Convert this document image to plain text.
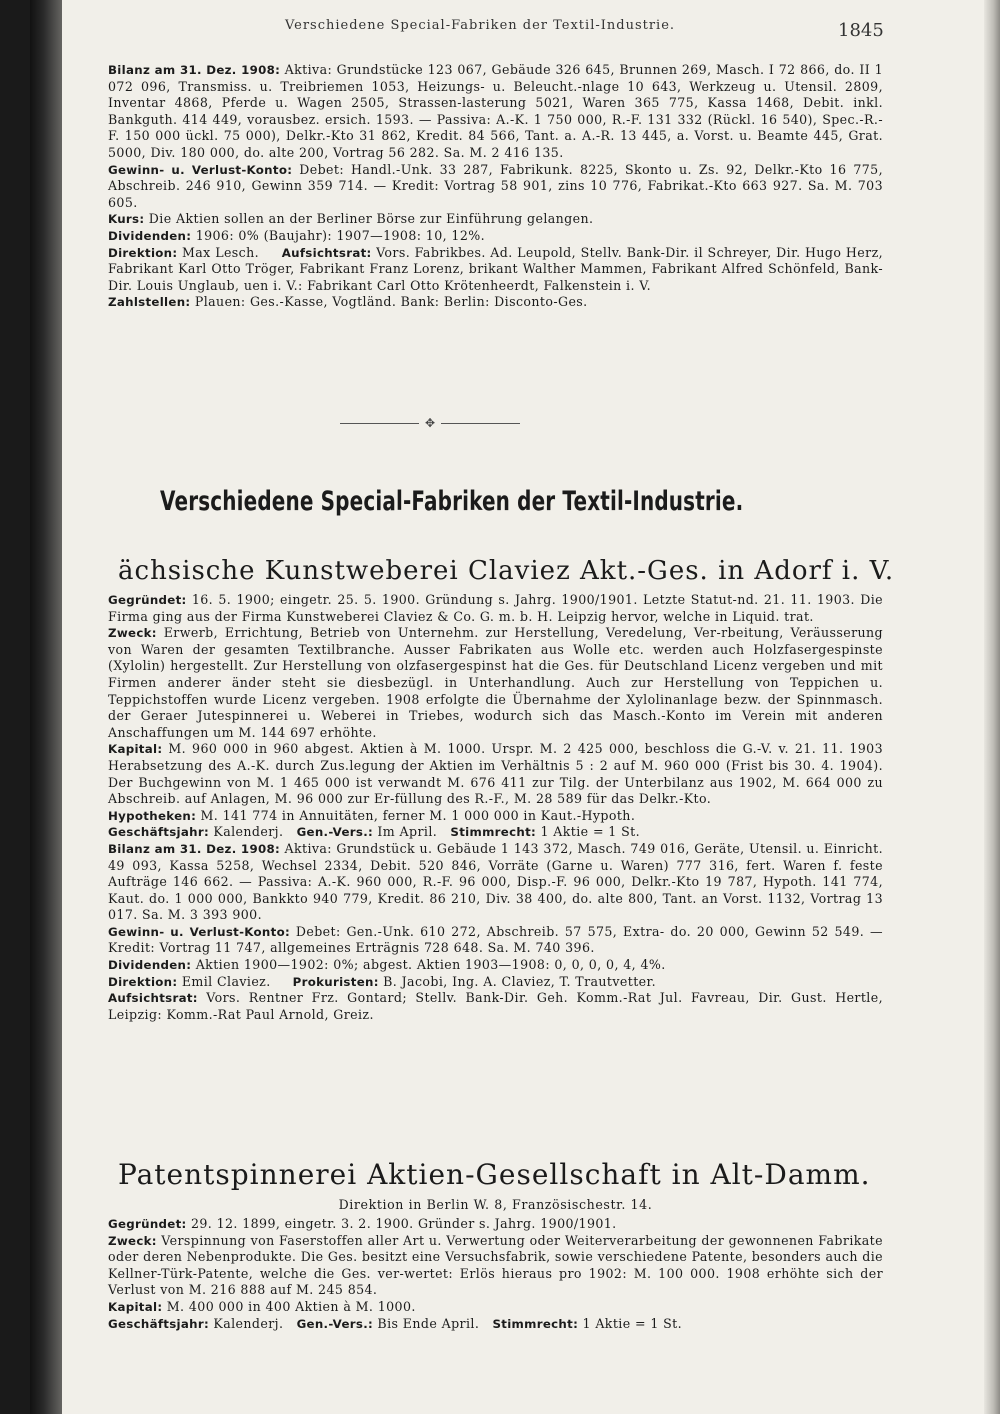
Verschiedene Special-Fabriken der Textil-Industrie.	1845

Bilanz am 31. Dez. 1908: Aktiva: Grundstücke 123 067, Gebäude 326 645, Brunnen 269, Masch. I 72 866, do. II 1 072 096, Transmiss. u. Treibriemen 1053, Heizungs- u. Beleucht.-nlage 10 643, Werkzeug u. Utensil. 2809, Inventar 4868, Pferde u. Wagen 2505, Strassen-lasterung 5021, Waren 365 775, Kassa 1468, Debit. inkl. Bankguth. 414 449, vorausbez. ersich. 1593. — Passiva: A.-K. 1 750 000, R.-F. 131 332 (Rückl. 16 540), Spec.-R.-F. 150 000 ückl. 75 000), Delkr.-Kto 31 862, Kredit. 84 566, Tant. a. A.-R. 13 445, a. Vorst. u. Beamte 445, Grat. 5000, Div. 180 000, do. alte 200, Vortrag 56 282. Sa. M. 2 416 135.

Gewinn- u. Verlust-Konto: Debet: Handl.-Unk. 33 287, Fabrikunk. 8225, Skonto u. Zs. 92, Delkr.-Kto 16 775, Abschreib. 246 910, Gewinn 359 714. — Kredit: Vortrag 58 901, zins 10 776, Fabrikat.-Kto 663 927. Sa. M. 703 605.

Kurs: Die Aktien sollen an der Berliner Börse zur Einführung gelangen.

Dividenden: 1906: 0% (Baujahr): 1907—1908: 10, 12%.

Direktion: Max Lesch. Aufsichtsrat: Vors. Fabrikbes. Ad. Leupold, Stellv. Bank-Dir. il Schreyer, Dir. Hugo Herz, Fabrikant Karl Otto Tröger, Fabrikant Franz Lorenz, brikant Walther Mammen, Fabrikant Alfred Schönfeld, Bank-Dir. Louis Unglaub, uen i. V.: Fabrikant Carl Otto Krötenheerdt, Falkenstein i. V.

Zahlstellen: Plauen: Ges.-Kasse, Vogtländ. Bank: Berlin: Disconto-Ges.

✥
Verschiedene Special-Fabriken der Textil-Industrie.
ächsische Kunstweberei Claviez Akt.-Ges. in Adorf i. V.

Gegründet: 16. 5. 1900; eingetr. 25. 5. 1900. Gründung s. Jahrg. 1900/1901. Letzte Statut-nd. 21. 11. 1903. Die Firma ging aus der Firma Kunstweberei Claviez & Co. G. m. b. H. Leipzig hervor, welche in Liquid. trat.

Zweck: Erwerb, Errichtung, Betrieb von Unternehm. zur Herstellung, Veredelung, Ver-rbeitung, Veräusserung von Waren der gesamten Textilbranche. Ausser Fabrikaten aus Wolle etc. werden auch Holzfasergespinste (Xylolin) hergestellt. Zur Herstellung von olzfasergespinst hat die Ges. für Deutschland Licenz vergeben und mit Firmen anderer änder steht sie diesbezügl. in Unterhandlung. Auch zur Herstellung von Teppichen u. Teppichstoffen wurde Licenz vergeben. 1908 erfolgte die Übernahme der Xylolinanlage bezw. der Spinnmasch. der Geraer Jutespinnerei u. Weberei in Triebes, wodurch sich das Masch.-Konto im Verein mit anderen Anschaffungen um M. 144 697 erhöhte.

Kapital: M. 960 000 in 960 abgest. Aktien à M. 1000. Urspr. M. 2 425 000, beschloss die G.-V. v. 21. 11. 1903 Herabsetzung des A.-K. durch Zus.legung der Aktien im Verhältnis 5 : 2 auf M. 960 000 (Frist bis 30. 4. 1904). Der Buchgewinn von M. 1 465 000 ist verwandt M. 676 411 zur Tilg. der Unterbilanz aus 1902, M. 664 000 zu Abschreib. auf Anlagen, M. 96 000 zur Er-füllung des R.-F., M. 28 589 für das Delkr.-Kto.

Hypotheken: M. 141 774 in Annuitäten, ferner M. 1 000 000 in Kaut.-Hypoth.

Geschäftsjahr: Kalenderj. Gen.-Vers.: Im April. Stimmrecht: 1 Aktie = 1 St.

Bilanz am 31. Dez. 1908: Aktiva: Grundstück u. Gebäude 1 143 372, Masch. 749 016, Geräte, Utensil. u. Einricht. 49 093, Kassa 5258, Wechsel 2334, Debit. 520 846, Vorräte (Garne u. Waren) 777 316, fert. Waren f. feste Aufträge 146 662. — Passiva: A.-K. 960 000, R.-F. 96 000, Disp.-F. 96 000, Delkr.-Kto 19 787, Hypoth. 141 774, Kaut. do. 1 000 000, Bankkto 940 779, Kredit. 86 210, Div. 38 400, do. alte 800, Tant. an Vorst. 1132, Vortrag 13 017. Sa. M. 3 393 900.

Gewinn- u. Verlust-Konto: Debet: Gen.-Unk. 610 272, Abschreib. 57 575, Extra- do. 20 000, Gewinn 52 549. — Kredit: Vortrag 11 747, allgemeines Erträgnis 728 648. Sa. M. 740 396.

Dividenden: Aktien 1900—1902: 0%; abgest. Aktien 1903—1908: 0, 0, 0, 0, 4, 4%.

Direktion: Emil Claviez. Prokuristen: B. Jacobi, Ing. A. Claviez, T. Trautvetter.

Aufsichtsrat: Vors. Rentner Frz. Gontard; Stellv. Bank-Dir. Geh. Komm.-Rat Jul. Favreau, Dir. Gust. Hertle, Leipzig: Komm.-Rat Paul Arnold, Greiz.

Patentspinnerei Aktien-Gesellschaft in Alt-Damm.

Direktion in Berlin W. 8, Französischestr. 14.

Gegründet: 29. 12. 1899, eingetr. 3. 2. 1900. Gründer s. Jahrg. 1900/1901.

Zweck: Verspinnung von Faserstoffen aller Art u. Verwertung oder Weiterverarbeitung der gewonnenen Fabrikate oder deren Nebenprodukte. Die Ges. besitzt eine Versuchsfabrik, sowie verschiedene Patente, besonders auch die Kellner-Türk-Patente, welche die Ges. ver-wertet: Erlös hieraus pro 1902: M. 100 000. 1908 erhöhte sich der Verlust von M. 216 888 auf M. 245 854.

Kapital: M. 400 000 in 400 Aktien à M. 1000.

Geschäftsjahr: Kalenderj. Gen.-Vers.: Bis Ende April. Stimmrecht: 1 Aktie = 1 St.
